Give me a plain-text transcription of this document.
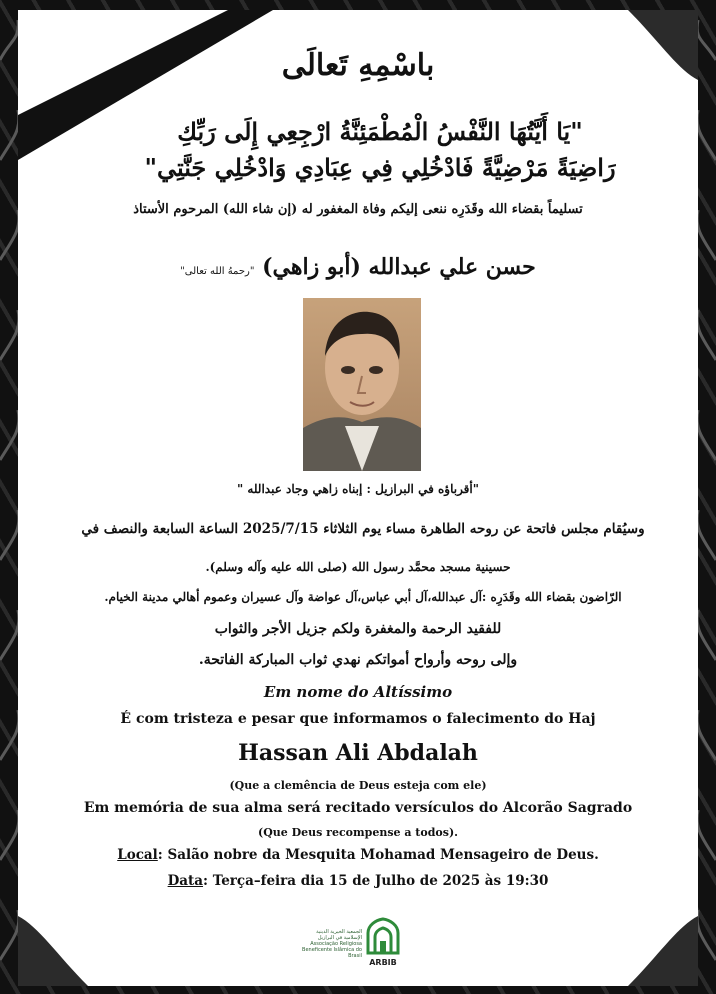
باسْمِهِ تَعالَى
"يَا أَيَّتُهَا النَّفْسُ الْمُطْمَئِنَّةُ ارْجِعِي إِلَى رَبِّكِ
رَاضِيَةً مَرْضِيَّةً فَادْخُلِي فِي عِبَادِي وَادْخُلِي جَنَّتِي"
تسليماً بقضاء الله وقَدَرِه ننعى إليكم وفاة المغفور له (إن شاء الله) المرحوم الأستاذ
حسن علي عبدالله (أبو زاهي) "رحمهُ الله تعالى"
"أقرباؤه في البرازيل : إبناه زاهي وجاد عبدالله "
وسيُقام مجلس فاتحة عن روحه الطاهرة مساء يوم الثلاثاء 2025/7/15 الساعة السابعة والنصف في
حسينية مسجد محمَّد رسول الله (صلى الله عليه وآله وسلم).
الرّاضون بقضاء الله وقَدَرِه :آل عبدالله،آل أبي عباس،آل عواضة وآل عسيران وعموم أهالي مدينة الخيام.
للفقيد الرحمة والمغفرة ولكم جزيل الأجر والثواب
وإلى روحه وأرواح أمواتكم نهدي ثواب المباركة الفاتحة.
Em nome do Altíssimo
É com tristeza e pesar que informamos o falecimento do Haj
Hassan Ali Abdalah
(Que a clemência de Deus esteja com ele)
Em memória de sua alma será recitado versículos do Alcorão Sagrado
(Que Deus recompense a todos).
Local: Salão nobre da Mesquita Mohamad Mensageiro de Deus.
Data: Terça–feira dia 15 de Julho de 2025 às 19:30
الجمعية الخيرية الدينية
الإسلامية في البرازيل
Associação Religiosa
Beneficente Islâmica do Brasil
ARBIB
